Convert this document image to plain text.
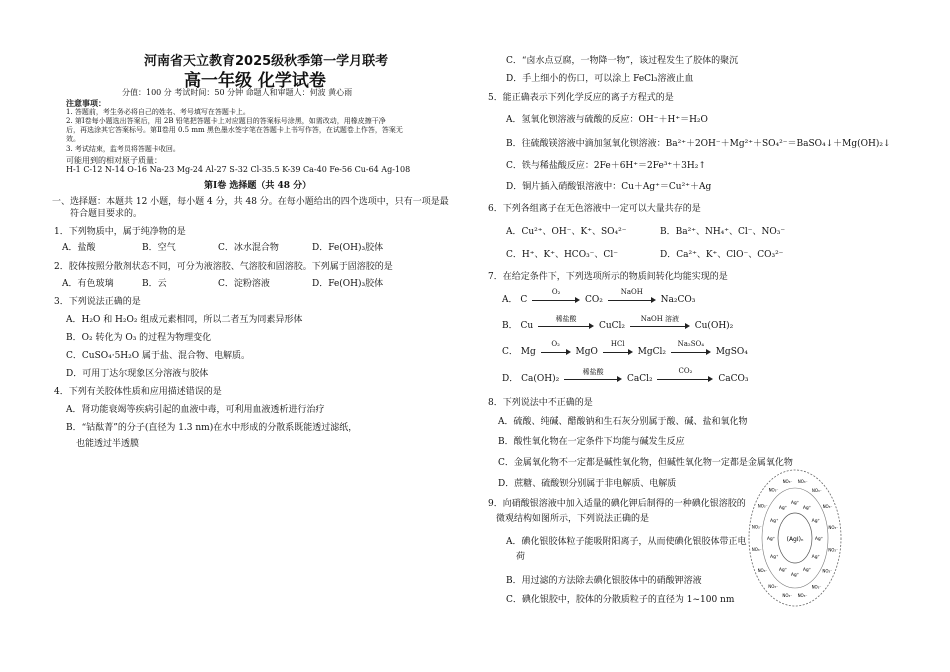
河南省天立教育2025级秋季第一学月联考
高一年级 化学试卷
分值：100 分 考试时间：50 分钟 命题人和审题人：何波 黄心雨
注意事项：
1. 答题前，考生务必将自己的姓名、考号填写在答题卡上。
2. 第Ⅰ卷每小题选出答案后，用 2B 铅笔把答题卡上对应题目的答案标号涂黑，如需改动，用橡皮擦干净
后，再选涂其它答案标号。第Ⅱ卷用 0.5 mm 黑色墨水签字笔在答题卡上书写作答，在试题卷上作答，答案无
效。
3. 考试结束，监考员将答题卡收回。
可能用到的相对原子质量：
H-1 C-12 N-14 O-16 Na-23 Mg-24 Al-27 S-32 Cl-35.5 K-39 Ca-40 Fe-56 Cu-64 Ag-108
第Ⅰ卷 选择题（共 48 分）
一、选择题：本题共 12 小题，每小题 4 分，共 48 分。在每小题给出的四个选项中，只有一项是最
符合题目要求的。
1．下列物质中，属于纯净物的是
A．盐酸	B．空气	C．冰水混合物	D．Fe(OH)₃胶体
2．胶体按照分散剂状态不同，可分为液溶胶、气溶胶和固溶胶。下列属于固溶胶的是
A．有色玻璃	B．云	C．淀粉溶液	D．Fe(OH)₃胶体
3．下列说法正确的是
A．H₂O 和 H₂O₂ 组成元素相同，所以二者互为同素异形体
B．O₂ 转化为 O₃ 的过程为物理变化
C．CuSO₄·5H₂O 属于盐、混合物、电解质。
D．可用丁达尔现象区分溶液与胶体
4．下列有关胶体性质和应用描述错误的是
A．肾功能衰竭等疾病引起的血液中毒，可利用血液透析进行治疗
B．“钴酞菁”的分子(直径为 1.3 nm)在水中形成的分散系既能透过滤纸，
也能透过半透膜
C．“卤水点豆腐，一物降一物”，该过程发生了胶体的聚沉
D．手上细小的伤口，可以涂上 FeCl₃溶液止血
5．能正确表示下列化学反应的离子方程式的是
A．氢氧化钡溶液与硫酸的反应：OH⁻＋H⁺＝H₂O
B．往硫酸镁溶液中滴加氢氧化钡溶液：Ba²⁺＋2OH⁻＋Mg²⁺＋SO₄²⁻＝BaSO₄↓＋Mg(OH)₂↓
C．铁与稀盐酸反应：2Fe＋6H⁺＝2Fe³⁺＋3H₂↑
D．铜片插入硝酸银溶液中：Cu＋Ag⁺＝Cu²⁺＋Ag
6．下列各组离子在无色溶液中一定可以大量共存的是
A．Cu²⁺、OH⁻、K⁺、SO₄²⁻	B．Ba²⁺、NH₄⁺、Cl⁻、NO₃⁻
C．H⁺、K⁺、HCO₃⁻、Cl⁻	D．Ca²⁺、K⁺、ClO⁻、CO₃²⁻
7．在给定条件下，下列选项所示的物质间转化均能实现的是
A． C
O₂
CO₂
NaOH
Na₂CO₃
B． Cu
稀盐酸
CuCl₂
NaOH 溶液
Cu(OH)₂
C． Mg
O₂
MgO
HCl
MgCl₂
Na₂SO₄
MgSO₄
D． Ca(OH)₂
稀盐酸
CaCl₂
CO₂
CaCO₃
8．下列说法中不正确的是
A．硫酸、纯碱、醋酸钠和生石灰分别属于酸、碱、盐和氧化物
B．酸性氧化物在一定条件下均能与碱发生反应
C．金属氧化物不一定都是碱性氧化物，但碱性氧化物一定都是金属氧化物
D．蔗糖、硫酸钡分别属于非电解质、电解质
9．向硝酸银溶液中加入适量的碘化钾后制得的一种碘化银溶胶的
微观结构如图所示，下列说法正确的是
A．碘化银胶体粒子能吸附阳离子，从而使碘化银胶体带正电
荷
B．用过滤的方法除去碘化银胶体中的硝酸钾溶液
C．碘化银胶中，胶体的分散质粒子的直径为 1~100 nm
(AgI)ₙ	Ag⁺
Ag⁺
Ag⁺
Ag⁺
Ag⁺
Ag⁺
Ag⁺
Ag⁺
Ag⁺
Ag⁺
Ag⁺
Ag⁺
NO₃⁻
NO₃⁻
NO₃⁻
NO₃⁻
NO₃⁻
NO₃⁻
NO₃⁻
NO₃⁻
NO₃⁻
NO₃⁻
NO₃⁻
NO₃⁻ NO₃⁻
NO₃⁻
NO₃⁻
NO₃⁻
